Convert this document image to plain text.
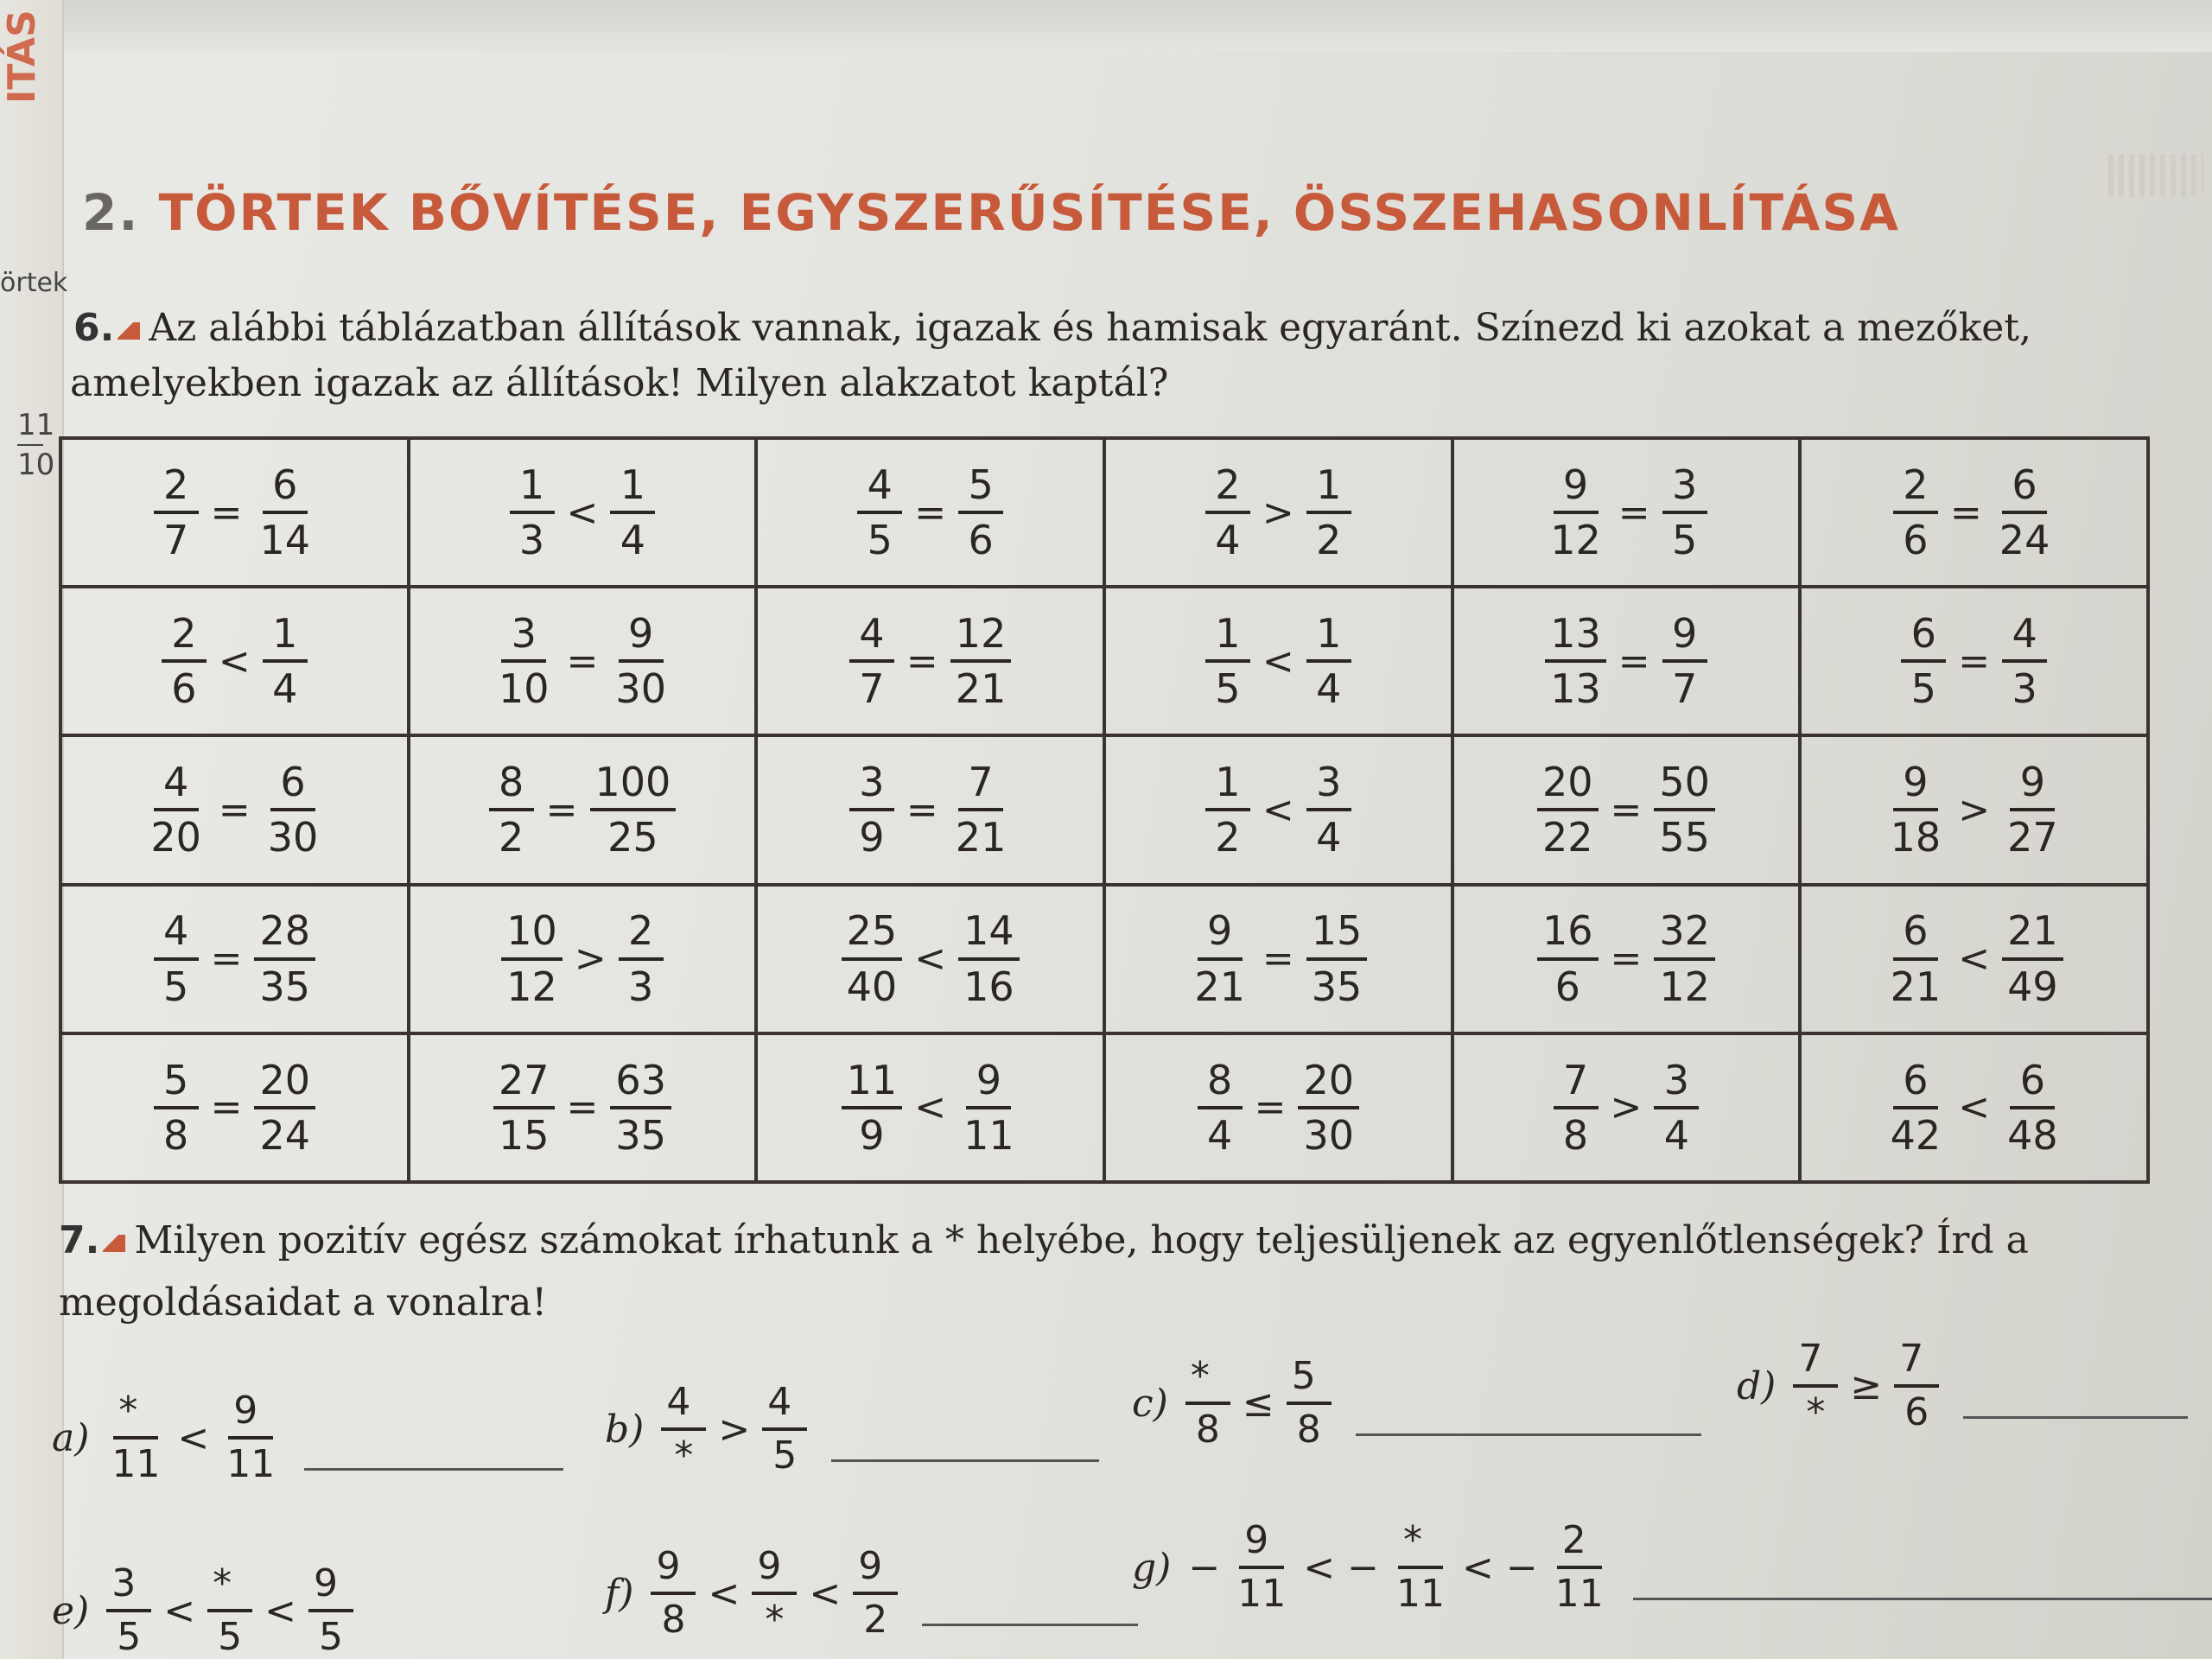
ITÁS
örtek
11
10
2. TÖRTEK BŐVÍTÉSE, EGYSZERŰSÍTÉSE, ÖSSZEHASONLÍTÁSA
6. Az alábbi táblázatban állítások vannak, igazak és hamisak egyaránt. Színezd ki azokat a mezőket,
amelyekben igazak az állítások! Milyen alakzatot kaptál?
$\frac{2}{7} = \frac{6}{14}$	$\frac{1}{3} < \frac{1}{4}$	$\frac{4}{5} = \frac{5}{6}$	$\frac{2}{4} > \frac{1}{2}$	$\frac{9}{12} = \frac{3}{5}$	$\frac{2}{6} = \frac{6}{24}$

$\frac{2}{6} < \frac{1}{4}$	$\frac{3}{10} = \frac{9}{30}$	$\frac{4}{7} = \frac{12}{21}$	$\frac{1}{5} < \frac{1}{4}$	$\frac{13}{13} = \frac{9}{7}$	$\frac{6}{5} = \frac{4}{3}$

$\frac{4}{20} = \frac{6}{30}$	$\frac{8}{2} = \frac{100}{25}$	$\frac{3}{9} = \frac{7}{21}$	$\frac{1}{2} < \frac{3}{4}$	$\frac{20}{22} = \frac{50}{55}$	$\frac{9}{18} > \frac{9}{27}$

$\frac{4}{5} = \frac{28}{35}$	$\frac{10}{12} > \frac{2}{3}$	$\frac{25}{40} < \frac{14}{16}$	$\frac{9}{21} = \frac{15}{35}$	$\frac{16}{6} = \frac{32}{12}$	$\frac{6}{21} < \frac{21}{49}$

$\frac{5}{8} = \frac{20}{24}$	$\frac{27}{15} = \frac{63}{35}$	$\frac{11}{9} < \frac{9}{11}$	$\frac{8}{4} = \frac{20}{30}$	$\frac{7}{8} > \frac{3}{4}$	$\frac{6}{42} < \frac{6}{48}$
7. Milyen pozitív egész számokat írhatunk a * helyébe, hogy teljesüljenek az egyenlőtlenségek? Írd a
megoldásaidat a vonalra!
$a) \frac{*}{11} < \frac{9}{11}$	$b) \frac{4}{*} > \frac{4}{5}$	$c) \frac{*}{8} \le \frac{5}{8}$	$d) \frac{7}{*} \ge \frac{7}{6}$
$e) \frac{3}{5} < \frac{*}{5} < \frac{9}{5}$	$f) \frac{9}{8} < \frac{9}{*} < \frac{9}{2}$	$g) - \frac{9}{11}$ < − $\frac{*}{11}$ < − $\frac{2}{11}$
